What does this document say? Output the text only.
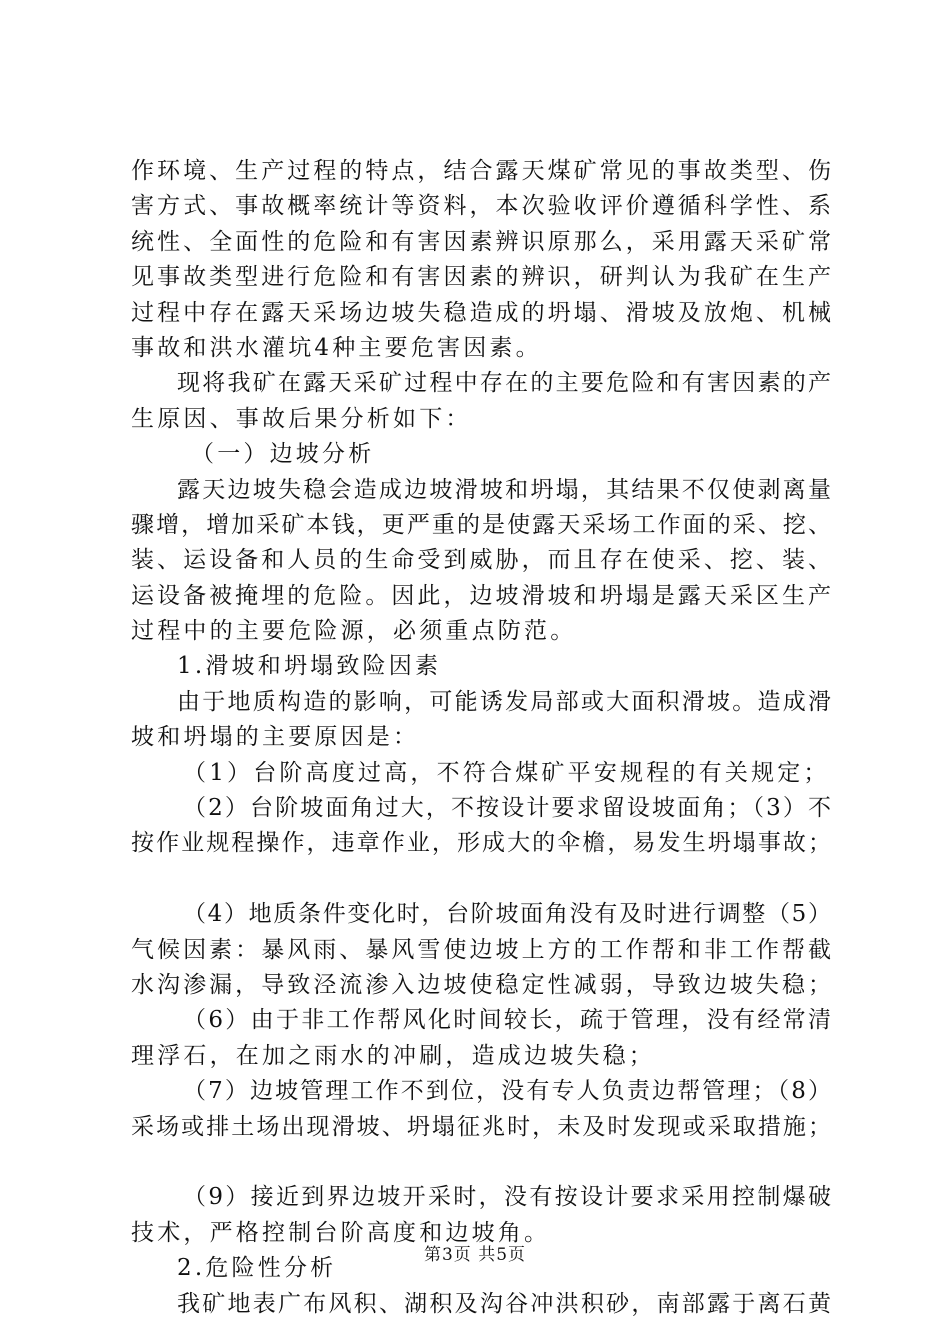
作环境、生产过程的特点，结合露天煤矿常见的事故类型、伤
害方式、事故概率统计等资料，本次验收评价遵循科学性、系
统性、全面性的危险和有害因素辨识原那么，采用露天采矿常
见事故类型进行危险和有害因素的辨识，研判认为我矿在生产
过程中存在露天采场边坡失稳造成的坍塌、滑坡及放炮、机械
事故和洪水灌坑4种主要危害因素。
现将我矿在露天采矿过程中存在的主要危险和有害因素的产
生原因、事故后果分析如下：
（一）边坡分析
露天边坡失稳会造成边坡滑坡和坍塌，其结果不仅使剥离量
骤增，增加采矿本钱，更严重的是使露天采场工作面的采、挖、
装、运设备和人员的生命受到威胁，而且存在使采、挖、装、
运设备被掩埋的危险。因此，边坡滑坡和坍塌是露天采区生产
过程中的主要危险源，必须重点防范。
1.滑坡和坍塌致险因素
由于地质构造的影响，可能诱发局部或大面积滑坡。造成滑
坡和坍塌的主要原因是：
（1）台阶高度过高，不符合煤矿平安规程的有关规定；
（2）台阶坡面角过大，不按设计要求留设坡面角；（3）不
按作业规程操作，违章作业，形成大的伞檐，易发生坍塌事故；
（4）地质条件变化时，台阶坡面角没有及时进行调整（5）
气候因素：暴风雨、暴风雪使边坡上方的工作帮和非工作帮截
水沟渗漏，导致泾流渗入边坡使稳定性减弱，导致边坡失稳；
（6）由于非工作帮风化时间较长，疏于管理，没有经常清
理浮石，在加之雨水的冲刷，造成边坡失稳；
（7）边坡管理工作不到位，没有专人负责边帮管理；（8）
采场或排土场出现滑坡、坍塌征兆时，未及时发现或采取措施；
（9）接近到界边坡开采时，没有按设计要求采用控制爆破
技术，严格控制台阶高度和边坡角。
2.危险性分析
我矿地表广布风积、湖积及沟谷冲洪积砂，南部露于离石黄
第3页 共5页
